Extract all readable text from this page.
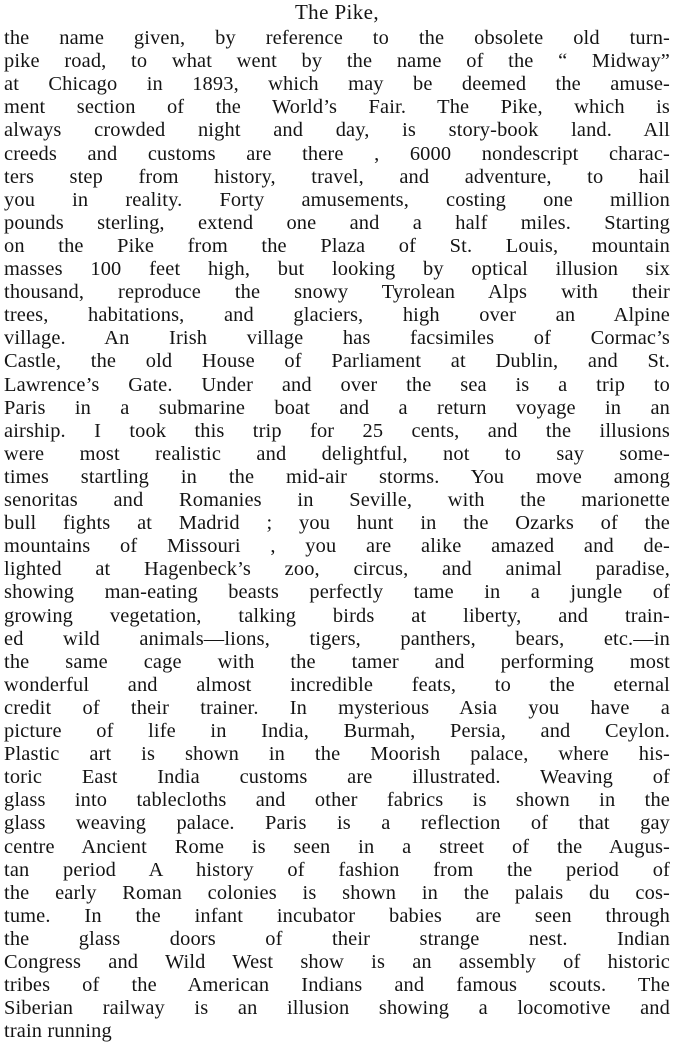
The Pike,
the name given, by reference to the obsolete old turn-
pike road, to what went by the name of the “ Midway”
at Chicago in 1893, which may be deemed the amuse-
ment section of the World’s Fair. The Pike, which is
always crowded night and day, is story-book land. All
creeds and customs are there , 6000 nondescript charac-
ters step from history, travel, and adventure, to hail
you in reality. Forty amusements, costing one million
pounds sterling, extend one and a half miles. Starting
on the Pike from the Plaza of St. Louis, mountain
masses 100 feet high, but looking by optical illusion six
thousand, reproduce the snowy Tyrolean Alps with their
trees, habitations, and glaciers, high over an Alpine
village. An Irish village has facsimiles of Cormac’s
Castle, the old House of Parliament at Dublin, and St.
Lawrence’s Gate. Under and over the sea is a trip to
Paris in a submarine boat and a return voyage in an
airship. I took this trip for 25 cents, and the illusions
were most realistic and delightful, not to say some-
times startling in the mid-air storms. You move among
senoritas and Romanies in Seville, with the marionette
bull fights at Madrid ; you hunt in the Ozarks of the
mountains of Missouri , you are alike amazed and de-
lighted at Hagenbeck’s zoo, circus, and animal paradise,
showing man-eating beasts perfectly tame in a jungle of
growing vegetation, talking birds at liberty, and train-
ed wild animals—lions, tigers, panthers, bears, etc.—in
the same cage with the tamer and performing most
wonderful and almost incredible feats, to the eternal
credit of their trainer. In mysterious Asia you have a
picture of life in India, Burmah, Persia, and Ceylon.
Plastic art is shown in the Moorish palace, where his-
toric East India customs are illustrated. Weaving of
glass into tablecloths and other fabrics is shown in the
glass weaving palace. Paris is a reflection of that gay
centre Ancient Rome is seen in a street of the Augus-
tan period A history of fashion from the period of
the early Roman colonies is shown in the palais du cos-
tume. In the infant incubator babies are seen through
the glass doors of their strange nest. Indian
Congress and Wild West show is an assembly of historic
tribes of the American Indians and famous scouts. The
Siberian railway is an illusion showing a locomotive and
train running
